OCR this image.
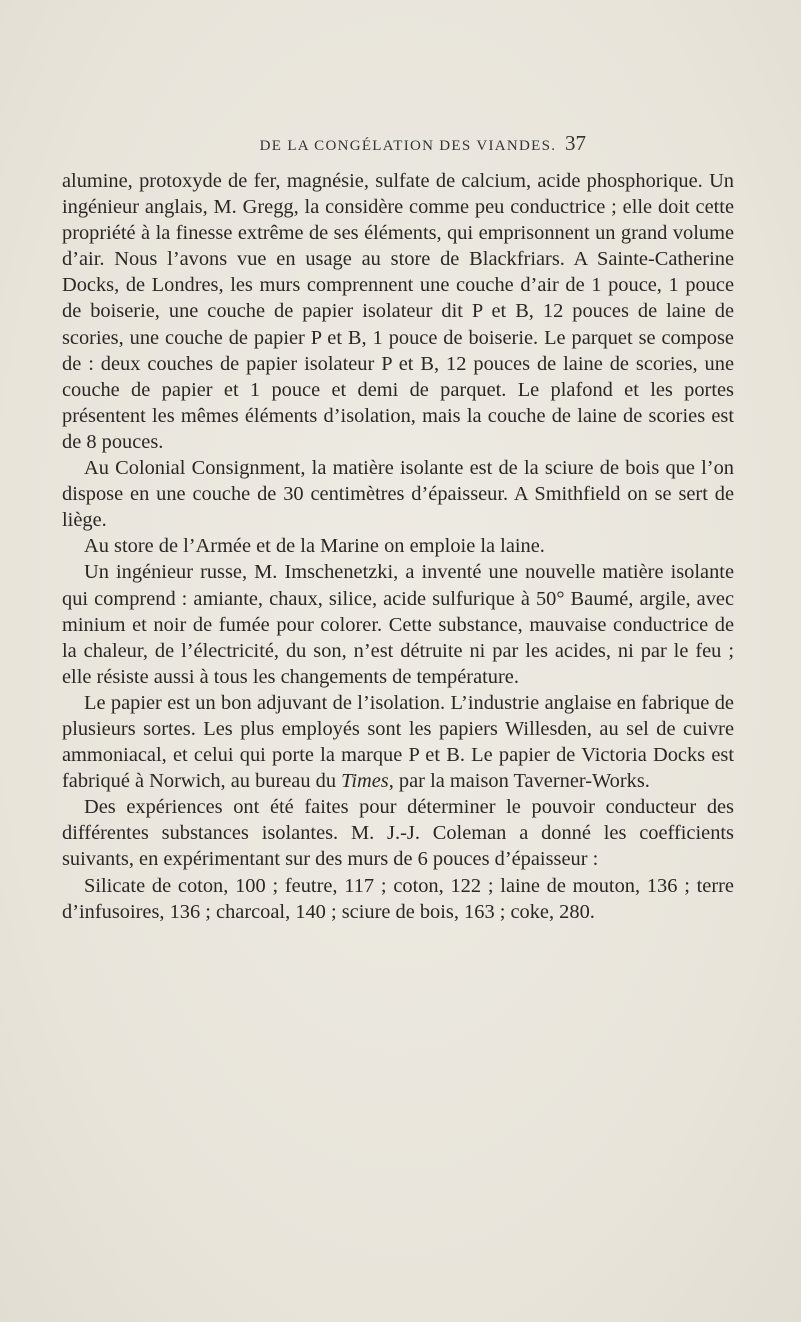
DE LA CONGÉLATION DES VIANDES. 37

alumine, protoxyde de fer, magnésie, sulfate de calcium, acide phosphorique. Un ingénieur anglais, M. Gregg, la considère comme peu conductrice ; elle doit cette propriété à la finesse extrême de ses éléments, qui emprisonnent un grand volume d’air. Nous l’avons vue en usage au store de Blackfriars. A Sainte-Catherine Docks, de Londres, les murs comprennent une couche d’air de 1 pouce, 1 pouce de boiserie, une couche de papier isolateur dit P et B, 12 pouces de laine de scories, une couche de papier P et B, 1 pouce de boiserie. Le parquet se compose de : deux couches de papier isolateur P et B, 12 pouces de laine de scories, une couche de papier et 1 pouce et demi de parquet. Le plafond et les portes présentent les mêmes éléments d’isolation, mais la couche de laine de scories est de 8 pouces.

Au Colonial Consignment, la matière isolante est de la sciure de bois que l’on dispose en une couche de 30 centimètres d’épaisseur. A Smithfield on se sert de liège.

Au store de l’Armée et de la Marine on emploie la laine.

Un ingénieur russe, M. Imschenetzki, a inventé une nouvelle matière isolante qui comprend : amiante, chaux, silice, acide sulfurique à 50° Baumé, argile, avec minium et noir de fumée pour colorer. Cette substance, mauvaise conductrice de la chaleur, de l’électricité, du son, n’est détruite ni par les acides, ni par le feu ; elle résiste aussi à tous les changements de température.

Le papier est un bon adjuvant de l’isolation. L’industrie anglaise en fabrique de plusieurs sortes. Les plus employés sont les papiers Willesden, au sel de cuivre ammoniacal, et celui qui porte la marque P et B. Le papier de Victoria Docks est fabriqué à Norwich, au bureau du Times, par la maison Taverner-Works.

Des expériences ont été faites pour déterminer le pouvoir conducteur des différentes substances isolantes. M. J.-J. Coleman a donné les coefficients suivants, en expérimentant sur des murs de 6 pouces d’épaisseur :

Silicate de coton, 100 ; feutre, 117 ; coton, 122 ; laine de mouton, 136 ; terre d’infusoires, 136 ; charcoal, 140 ; sciure de bois, 163 ; coke, 280.
